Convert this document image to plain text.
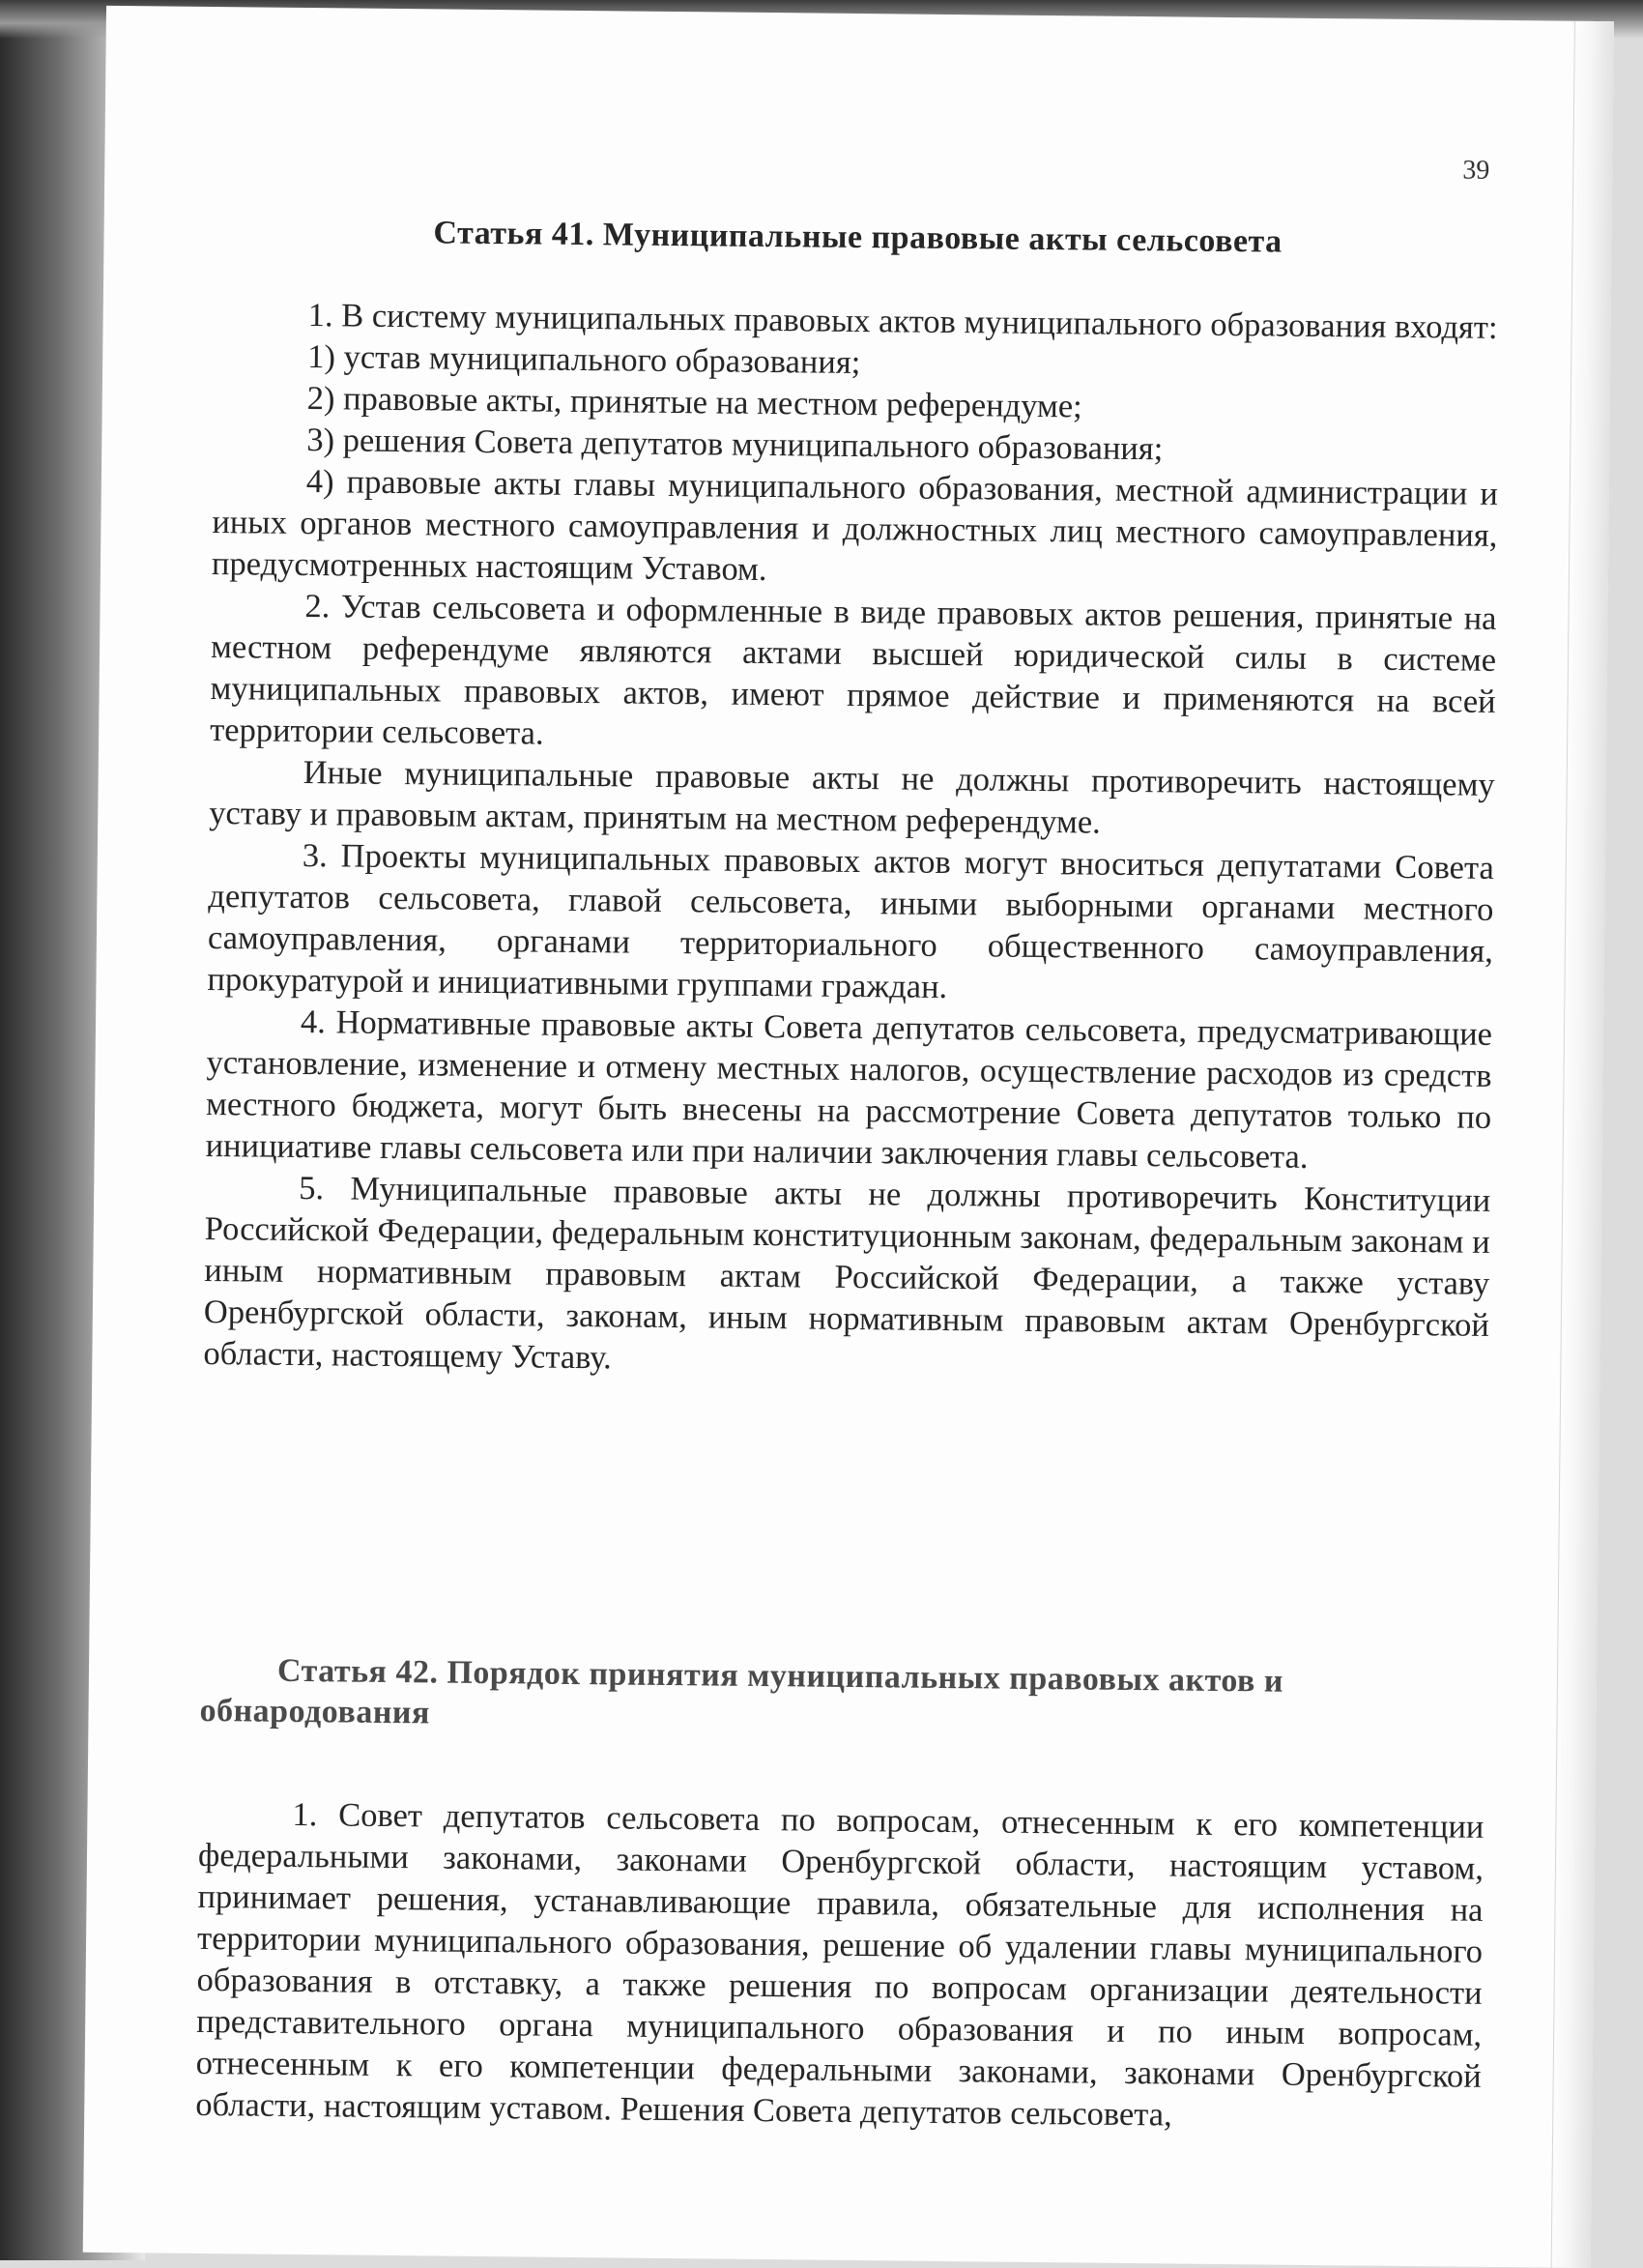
39

Статья 41. Муниципальные правовые акты сельсовета

1. В систему муниципальных правовых актов муниципального образования входят:

1) устав муниципального образования;

2) правовые акты, принятые на местном референдуме;

3) решения Совета депутатов муниципального образования;

4) правовые акты главы муниципального образования, местной администрации и иных органов местного самоуправления и должностных лиц местного самоуправления, предусмотренных настоящим Уставом.

2. Устав сельсовета и оформленные в виде правовых актов решения, принятые на местном референдуме являются актами высшей юридической силы в системе муниципальных правовых актов, имеют прямое действие и применяются на всей территории сельсовета.

Иные муниципальные правовые акты не должны противоречить настоящему уставу и правовым актам, принятым на местном референдуме.

3. Проекты муниципальных правовых актов могут вноситься депутатами Совета депутатов сельсовета, главой сельсовета, иными выборными органами местного самоуправления, органами территориального общественного самоуправления, прокуратурой и инициативными группами граждан.

4. Нормативные правовые акты Совета депутатов сельсовета, предусматривающие установление, изменение и отмену местных налогов, осуществление расходов из средств местного бюджета, могут быть внесены на рассмотрение Совета депутатов только по инициативе главы сельсовета или при наличии заключения главы сельсовета.

5. Муниципальные правовые акты не должны противоречить Конституции Российской Федерации, федеральным конституционным законам, федеральным законам и иным нормативным правовым актам Российской Федерации, а также уставу Оренбургской области, законам, иным нормативным правовым актам Оренбургской области, настоящему Уставу.

Статья 42. Порядок принятия муниципальных правовых актов и обнародования

1. Совет депутатов сельсовета по вопросам, отнесенным к его компетенции федеральными законами, законами Оренбургской области, настоящим уставом, принимает решения, устанавливающие правила, обязательные для исполнения на территории муниципального образования, решение об удалении главы муниципального образования в отставку, а также решения по вопросам организации деятельности представительного органа муниципального образования и по иным вопросам, отнесенным к его компетенции федеральными законами, законами Оренбургской области, настоящим уставом. Решения Совета депутатов сельсовета,
